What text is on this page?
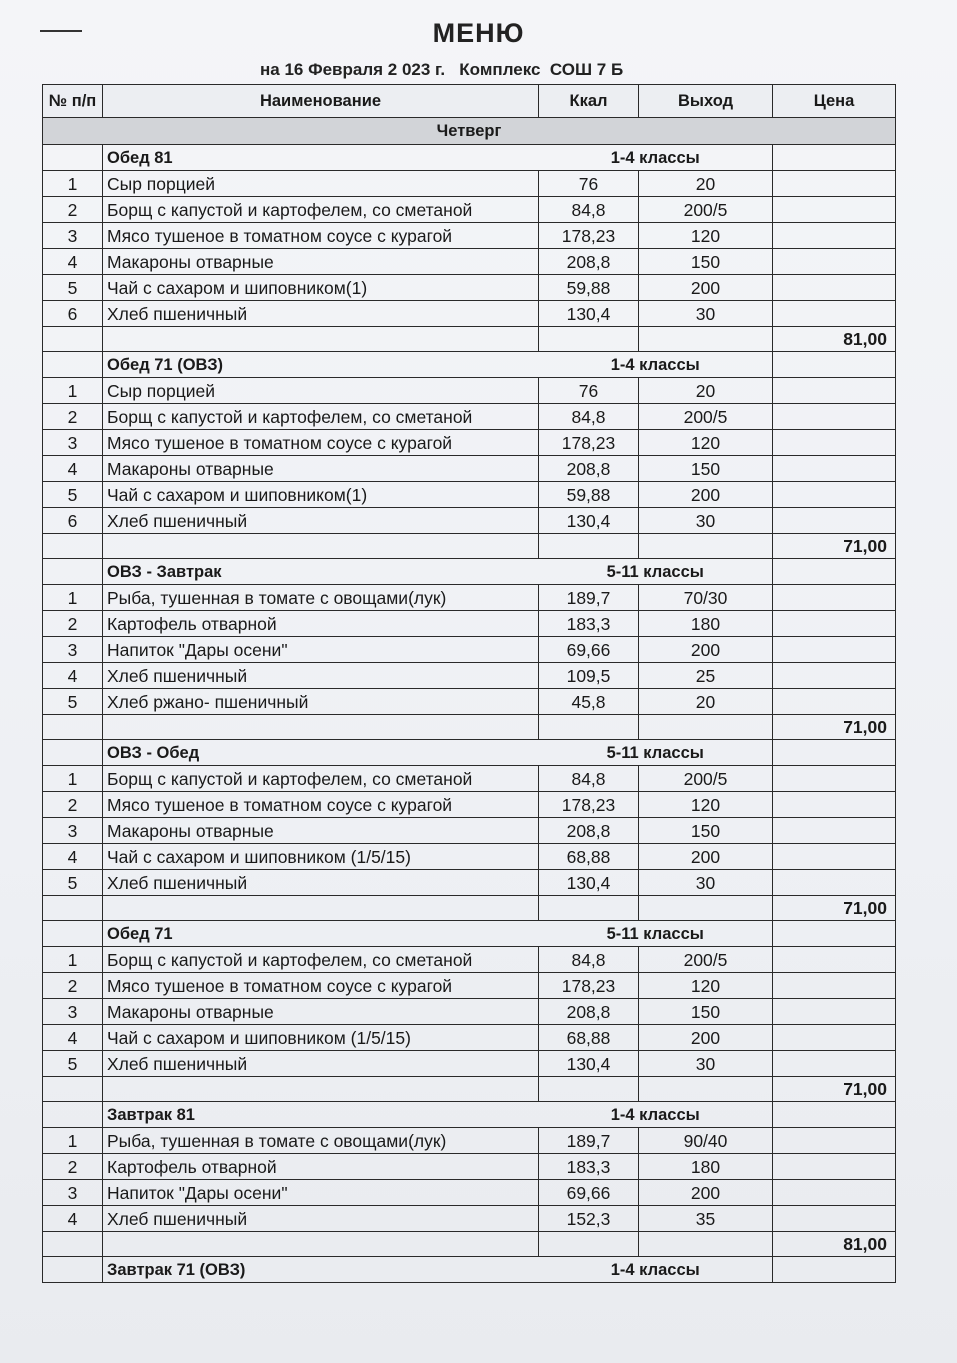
МЕНЮ
на 16 Февраля 2 023 г.   Комплекс  СОШ 7 Б
№ п/п	Наименование	Ккал	Выход	Цена
Четверг				
	Обед 81	1-4 классы		
1	Сыр порцией	76	20	
2	Борщ с капустой и картофелем, со сметаной	84,8	200/5	
3	Мясо тушеное в томатном соусе с курагой	178,23	120	
4	Макароны отварные	208,8	150	
5	Чай с сахаром и шиповником(1)	59,88	200	
6	Хлеб пшеничный	130,4	30	
				81,00
	Обед 71 (ОВЗ)	1-4 классы		
1	Сыр порцией	76	20	
2	Борщ с капустой и картофелем, со сметаной	84,8	200/5	
3	Мясо тушеное в томатном соусе с курагой	178,23	120	
4	Макароны отварные	208,8	150	
5	Чай с сахаром и шиповником(1)	59,88	200	
6	Хлеб пшеничный	130,4	30	
				71,00
	ОВЗ - Завтрак	5-11 классы		
1	Рыба, тушенная в томате с овощами(лук)	189,7	70/30	
2	Картофель отварной	183,3	180	
3	Напиток "Дары осени"	69,66	200	
4	Хлеб пшеничный	109,5	25	
5	Хлеб ржано- пшеничный	45,8	20	
				71,00
	ОВЗ - Обед	5-11 классы		
1	Борщ с капустой и картофелем, со сметаной	84,8	200/5	
2	Мясо тушеное в томатном соусе с курагой	178,23	120	
3	Макароны отварные	208,8	150	
4	Чай с сахаром и шиповником (1/5/15)	68,88	200	
5	Хлеб пшеничный	130,4	30	
				71,00
	Обед 71	5-11 классы		
1	Борщ с капустой и картофелем, со сметаной	84,8	200/5	
2	Мясо тушеное в томатном соусе с курагой	178,23	120	
3	Макароны отварные	208,8	150	
4	Чай с сахаром и шиповником (1/5/15)	68,88	200	
5	Хлеб пшеничный	130,4	30	
				71,00
	Завтрак 81	1-4 классы		
1	Рыба, тушенная в томате с овощами(лук)	189,7	90/40	
2	Картофель отварной	183,3	180	
3	Напиток "Дары осени"	69,66	200	
4	Хлеб пшеничный	152,3	35	
				81,00
	Завтрак 71 (ОВЗ)	1-4 классы		
